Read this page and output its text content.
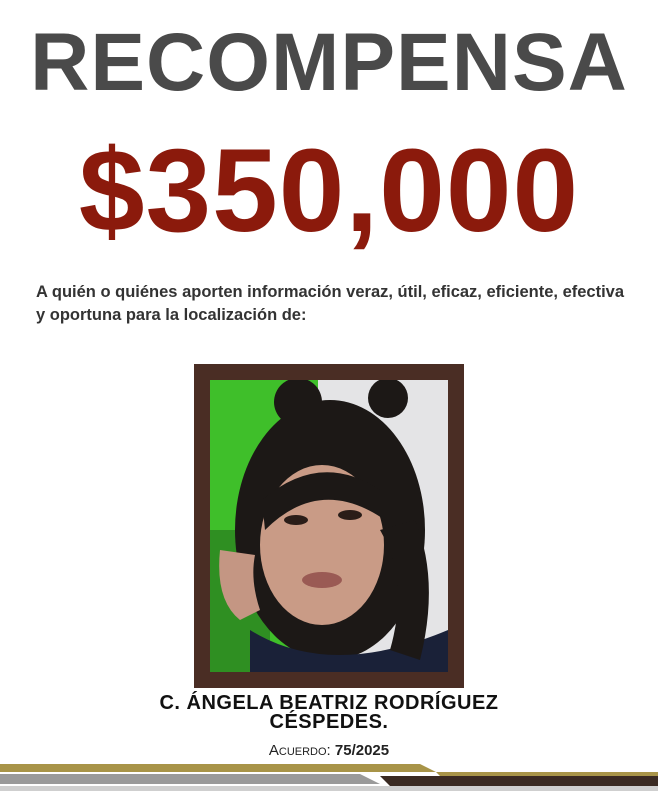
RECOMPENSA
$350,000
A quién o quiénes aporten información veraz, útil, eficaz, eficiente, efectiva y oportuna para la localización de:
C. ÁNGELA BEATRIZ RODRÍGUEZ
CÉSPEDES.
Acuerdo: 75/2025
